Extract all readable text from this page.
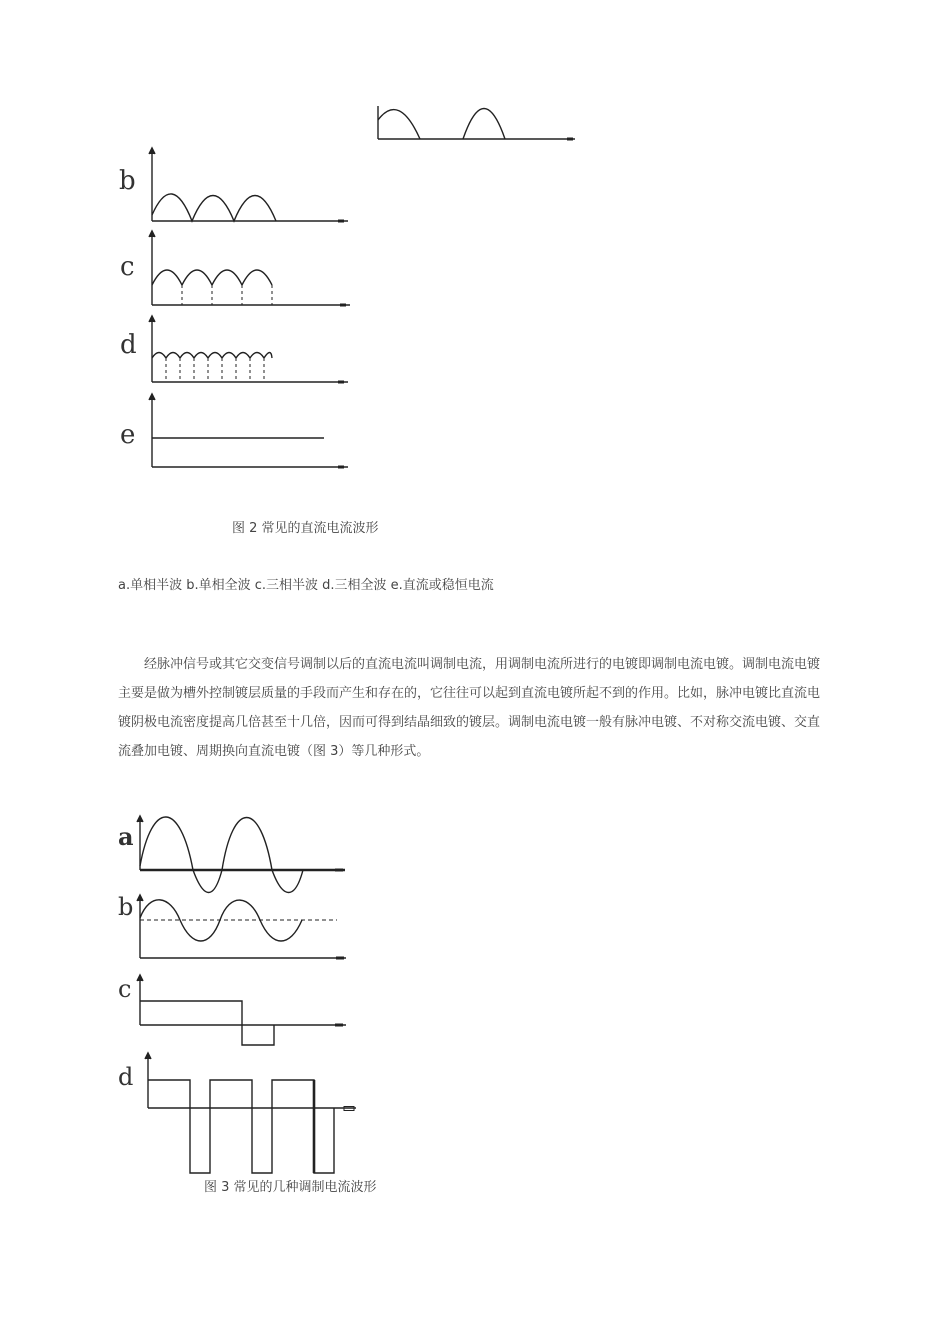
b
c
d
e
图 2 常见的直流电流波形
a.单相半波 b.单相全波 c.三相半波 d.三相全波 e.直流或稳恒电流
经脉冲信号或其它交变信号调制以后的直流电流叫调制电流，用调制电流所进行的电镀即调制电流电镀。调制电流电镀主要是做为槽外控制镀层质量的手段而产生和存在的，它往往可以起到直流电镀所起不到的作用。比如，脉冲电镀比直流电镀阴极电流密度提高几倍甚至十几倍，因而可得到结晶细致的镀层。调制电流电镀一般有脉冲电镀、不对称交流电镀、交直流叠加电镀、周期换向直流电镀（图 3）等几种形式。
a
b
c
d
图 3 常见的几种调制电流波形
